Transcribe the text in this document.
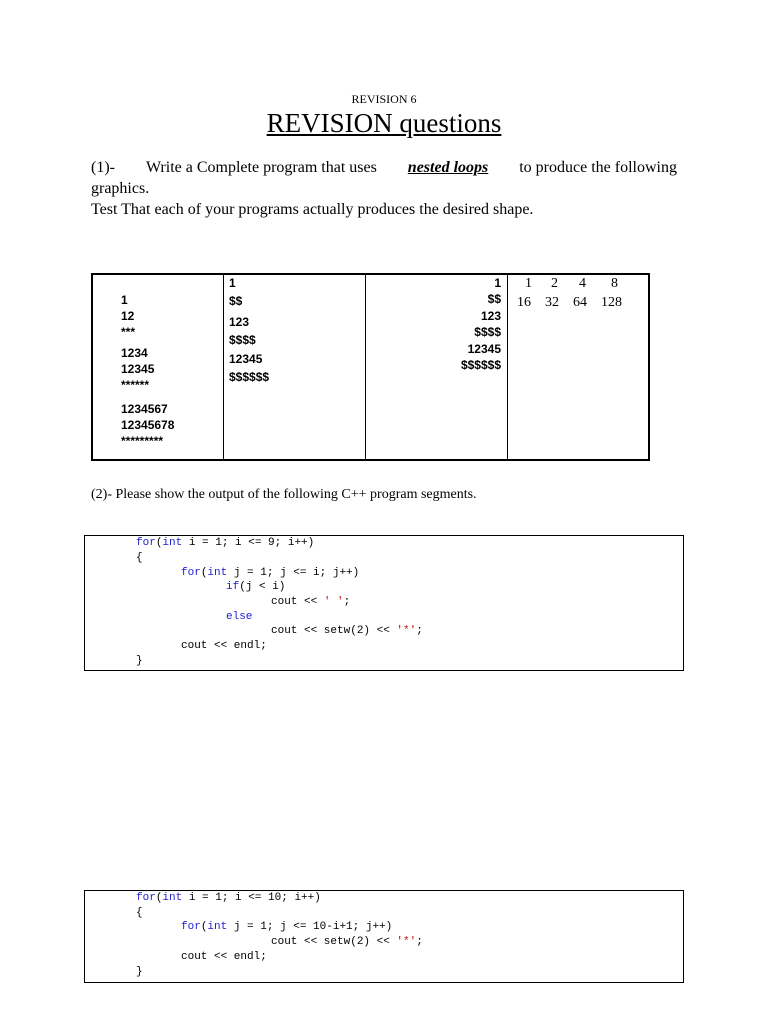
REVISION 6
REVISION questions
(1)- Write a Complete program that uses nested loops to produce the following
graphics.
Test That each of your programs actually produces the desired shape.
1
12
***
1234
12345
******
1234567
12345678
*********
1
$$
123
$$$$
12345
$$$$$$
1
$$
123
$$$$
12345
$$$$$$
1 2 4 8
16 32 64 128
(2)- Please show the output of the following C++ program segments.
for(int i = 1; i <= 9; i++)
{
for(int j = 1; j <= i; j++)
if(j < i)
cout << ' ';
else
cout << setw(2) << '*';
cout << endl;
}
for(int i = 1; i <= 10; i++)
{
for(int j = 1; j <= 10-i+1; j++)
cout << setw(2) << '*';
cout << endl;
}
